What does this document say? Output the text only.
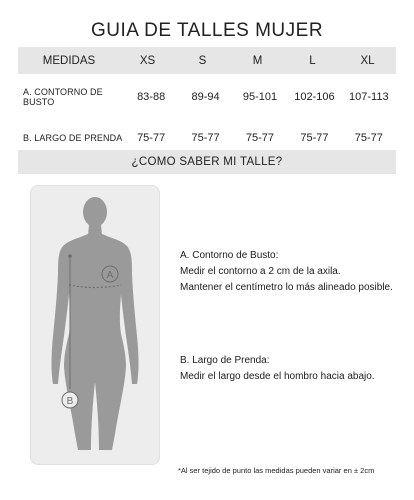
GUIA DE TALLES MUJER
MEDIDAS	XS	S	M	L	XL
A. CONTORNO DE BUSTO	83-88	89-94	95-101	102-106	107-113
B. LARGO DE PRENDA	75-77	75-77	75-77	75-77	75-77
¿COMO SABER MI TALLE?
A
B
A. Contorno de Busto:
Medir el contorno a 2 cm de la axila.
Mantener el centímetro lo más alineado posible.
B. Largo de Prenda:
Medir el largo desde el hombro hacia abajo.
*Al ser tejido de punto las medidas pueden variar en ± 2cm
